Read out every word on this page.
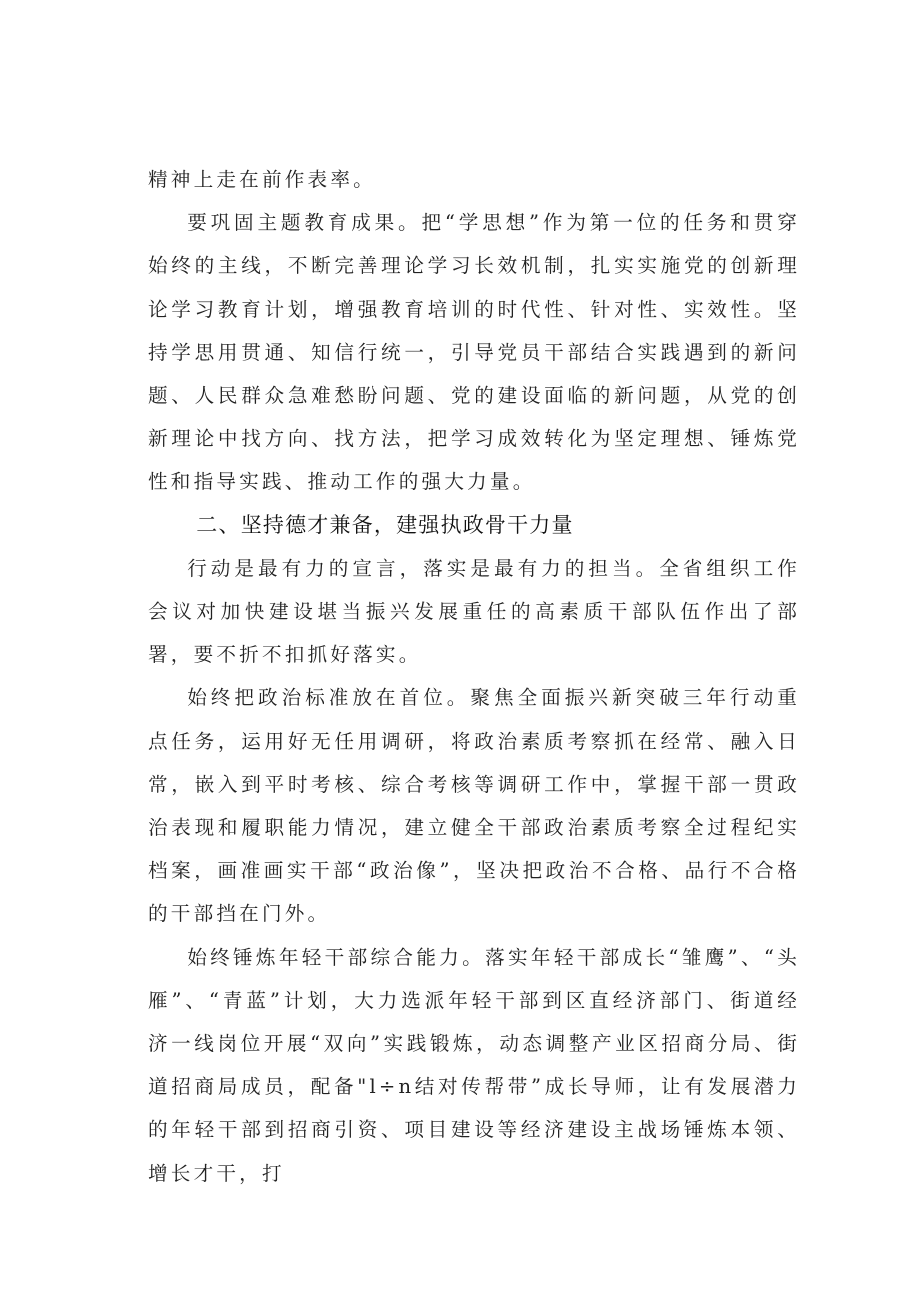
精神上走在前作表率。

要巩固主题教育成果。把“学思想”作为第一位的任务和贯穿始终的主线，不断完善理论学习长效机制，扎实实施党的创新理论学习教育计划，增强教育培训的时代性、针对性、实效性。坚持学思用贯通、知信行统一，引导党员干部结合实践遇到的新问题、人民群众急难愁盼问题、党的建设面临的新问题，从党的创新理论中找方向、找方法，把学习成效转化为坚定理想、锤炼党性和指导实践、推动工作的强大力量。

二、坚持德才兼备，建强执政骨干力量

行动是最有力的宣言，落实是最有力的担当。全省组织工作会议对加快建设堪当振兴发展重任的高素质干部队伍作出了部署，要不折不扣抓好落实。

始终把政治标准放在首位。聚焦全面振兴新突破三年行动重点任务，运用好无任用调研，将政治素质考察抓在经常、融入日常，嵌入到平时考核、综合考核等调研工作中，掌握干部一贯政治表现和履职能力情况，建立健全干部政治素质考察全过程纪实档案，画准画实干部“政治像”，坚决把政治不合格、品行不合格的干部挡在门外。

始终锤炼年轻干部综合能力。落实年轻干部成长“雏鹰”、“头雁”、“青蓝”计划，大力选派年轻干部到区直经济部门、街道经济一线岗位开展“双向”实践锻炼，动态调整产业区招商分局、街道招商局成员，配备"l÷n结对传帮带”成长导师，让有发展潜力的年轻干部到招商引资、项目建设等经济建设主战场锤炼本领、增长才干，打
